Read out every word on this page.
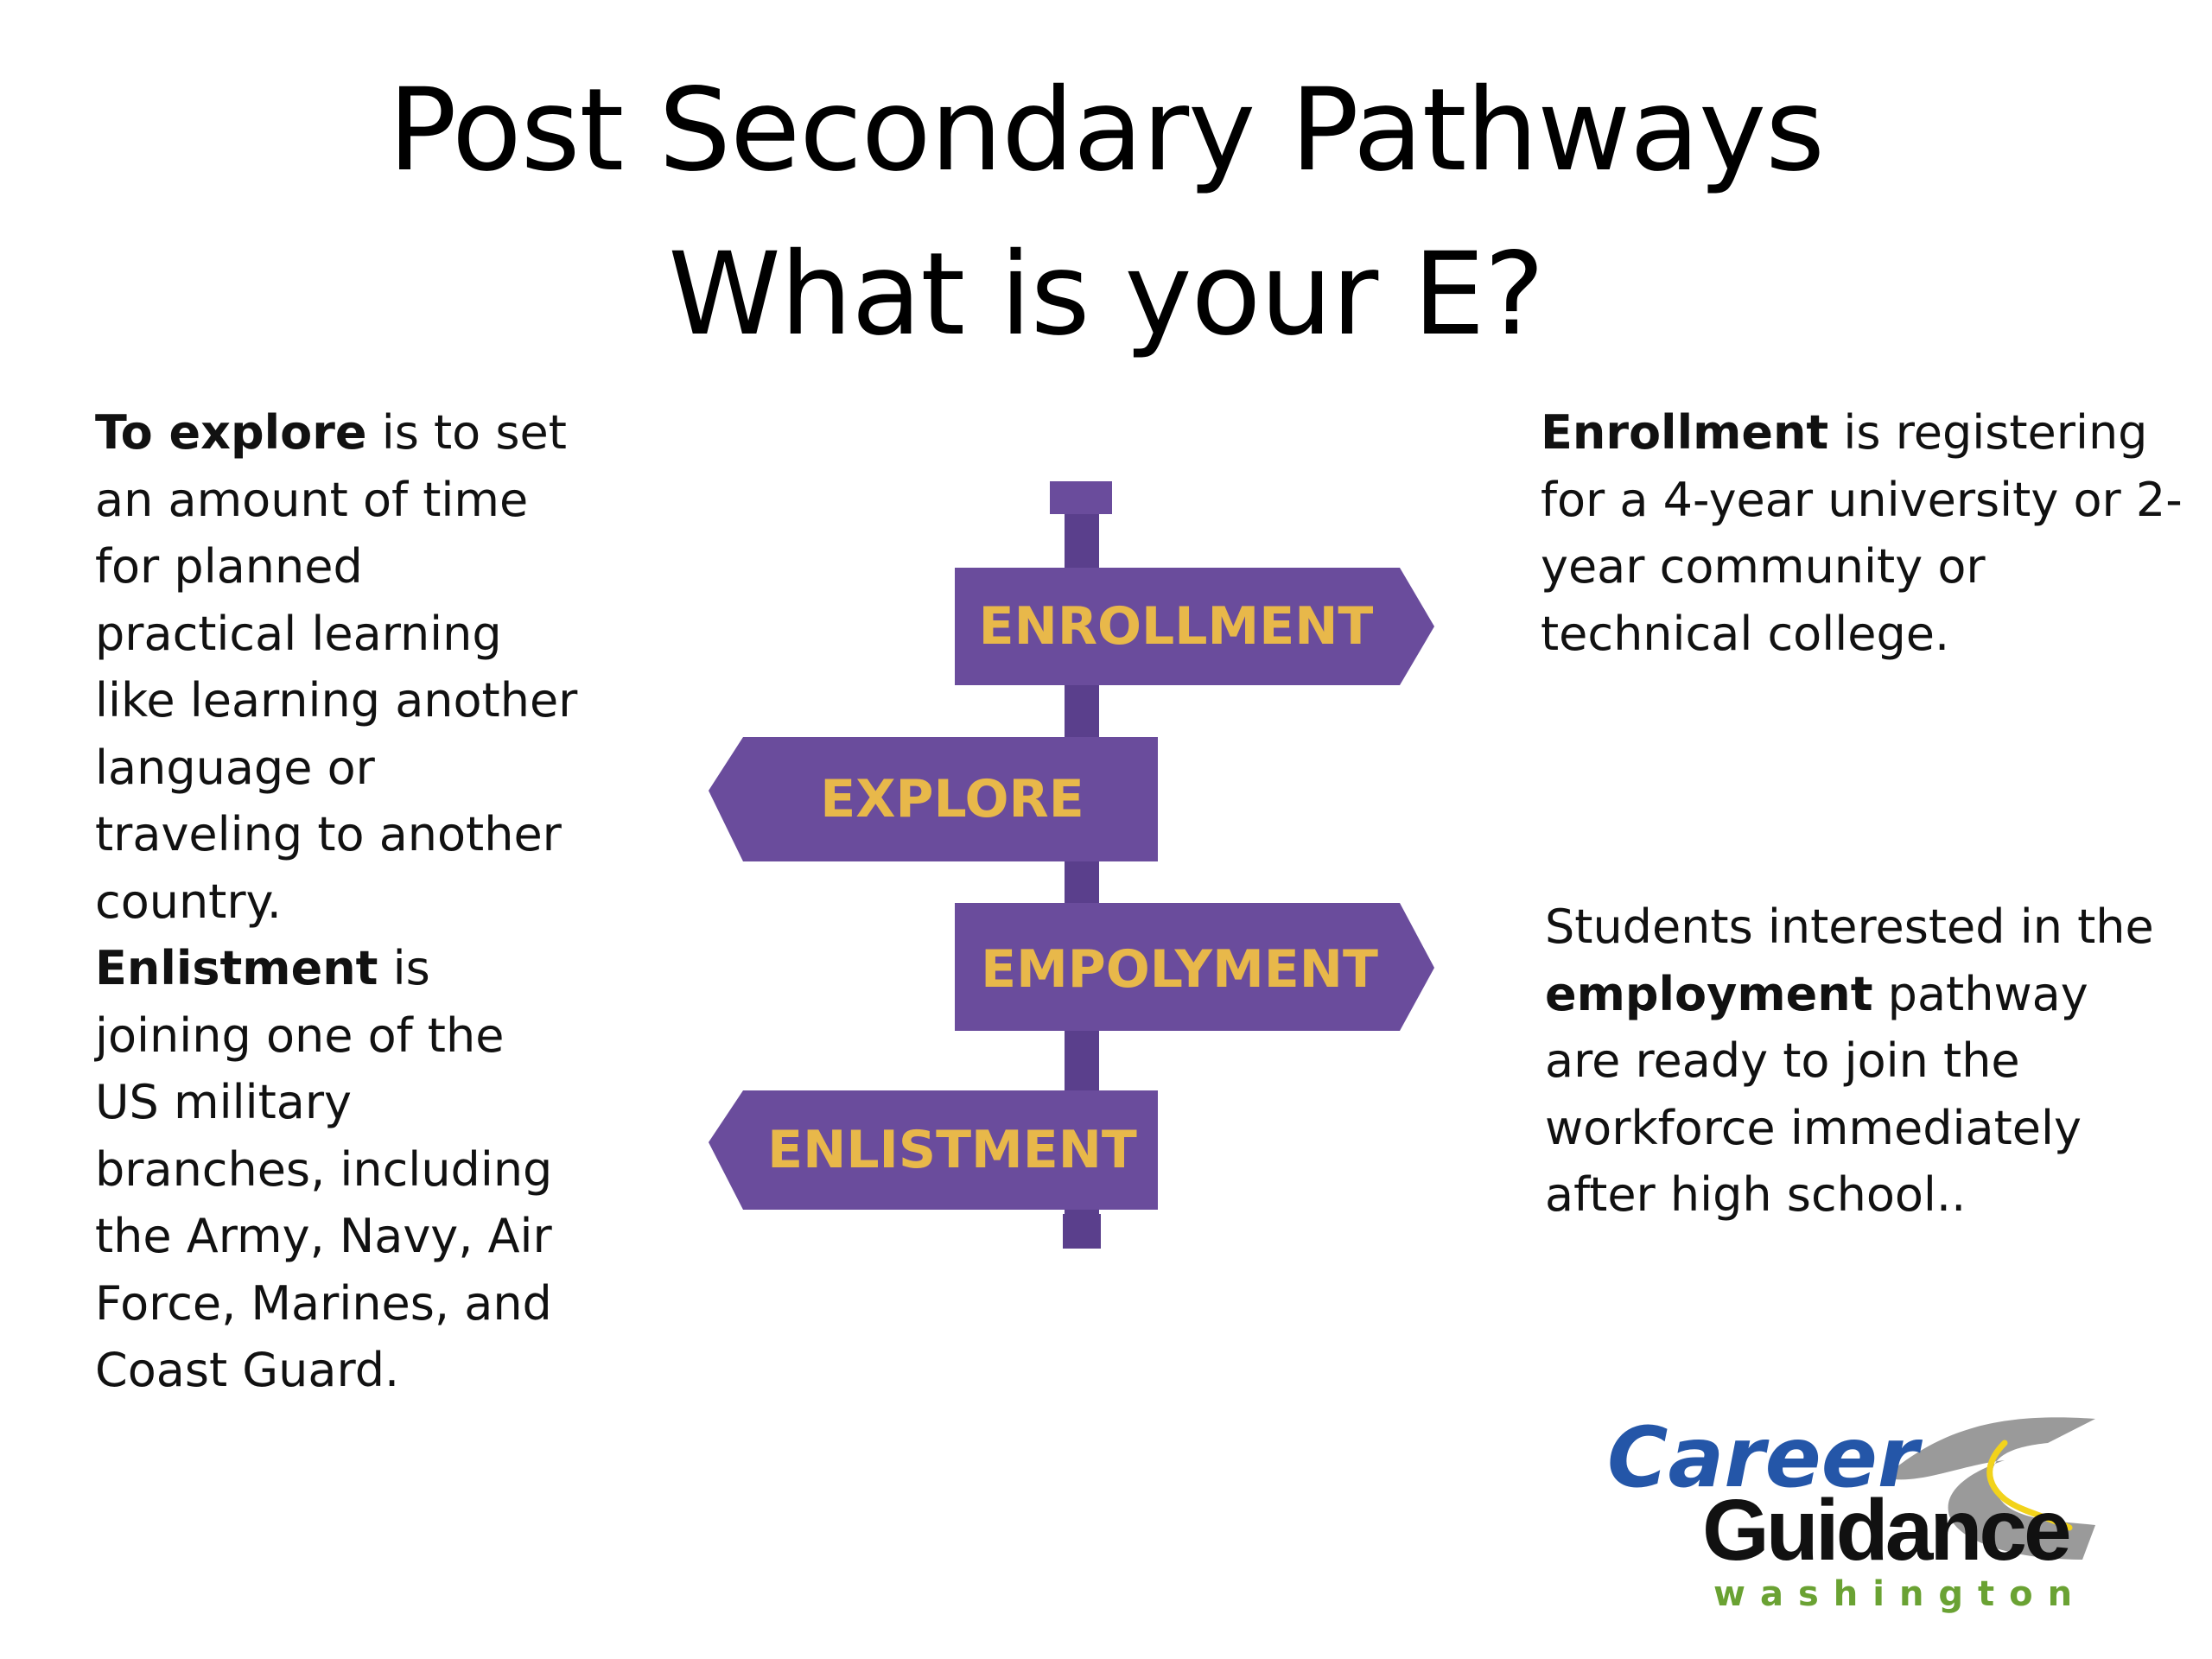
Post Secondary Pathways
What is your E?

To explore is to set an amount of time for planned practical learning like learning another language or traveling to another country.

Enlistment is joining one of the US military branches, including the Army, Navy, Air Force, Marines, and Coast Guard.

Enrollment is registering for a 4-year university or 2-year community or technical college.

Students interested in the employment pathway are ready to join the workforce immediately after high school..

ENROLLMENT
EXPLORE
EMPOLYMENT
ENLISTMENT
Career
Guidance
washington
